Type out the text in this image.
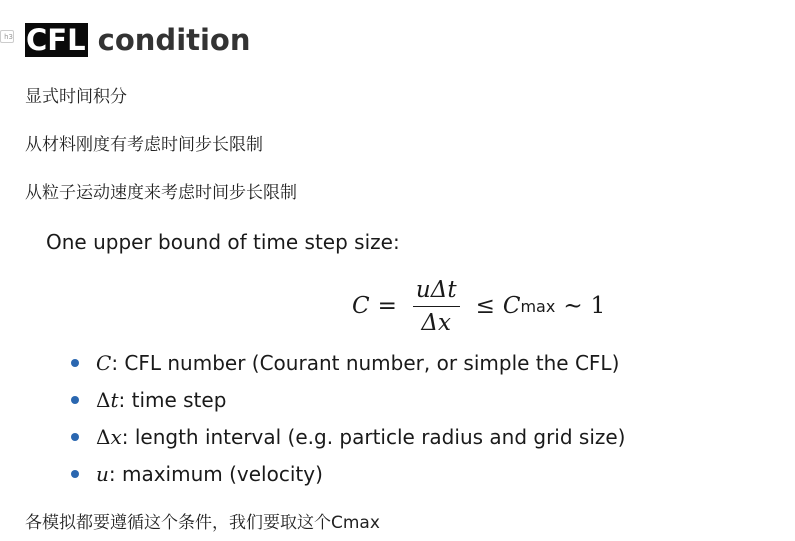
h3 CFL condition

显式时间积分

从材料刚度有考虑时间步长限制

从粒子运动速度来考虑时间步长限制

One upper bound of time step size:
$C = \frac{\text{uΔt}}{\Delta x} \le C$ max ∼ 1
C: CFL number (Courant number, or simple the CFL)
Δt: time step
Δx: length interval (e.g. particle radius and grid size)
u: maximum (velocity)

各模拟都要遵循这个条件，我们要取这个Cmax
